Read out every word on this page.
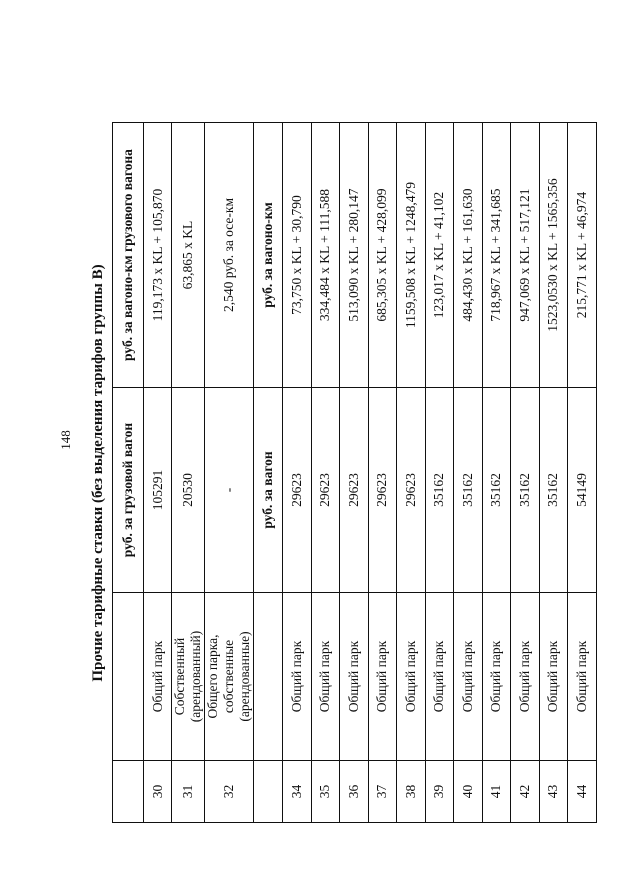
148	Прочие тарифные ставки (без выделения тарифов группы В)
			руб. за грузовой вагон	руб. за вагоно-км грузового вагона
30	Общий парк	105291	119,173 x KL + 105,870
31	Собственный (арендованный)	20530	63,865 x KL
32	Общего парка, собственные (арендованные)	-	2,540 руб. за осе-км
		руб. за вагон	руб. за вагоно-км
34	Общий парк	29623	73,750 x KL + 30,790
35	Общий парк	29623	334,484 x KL + 111,588
36	Общий парк	29623	513,090 x KL + 280,147
37	Общий парк	29623	685,305 x KL + 428,099
38	Общий парк	29623	1159,508 x KL + 1248,479
39	Общий парк	35162	123,017 x KL + 41,102
40	Общий парк	35162	484,430 x KL + 161,630
41	Общий парк	35162	718,967 x KL + 341,685
42	Общий парк	35162	947,069 x KL + 517,121
43	Общий парк	35162	1523,0530 x KL + 1565,356
44	Общий парк	54149	215,771 x KL + 46,974
